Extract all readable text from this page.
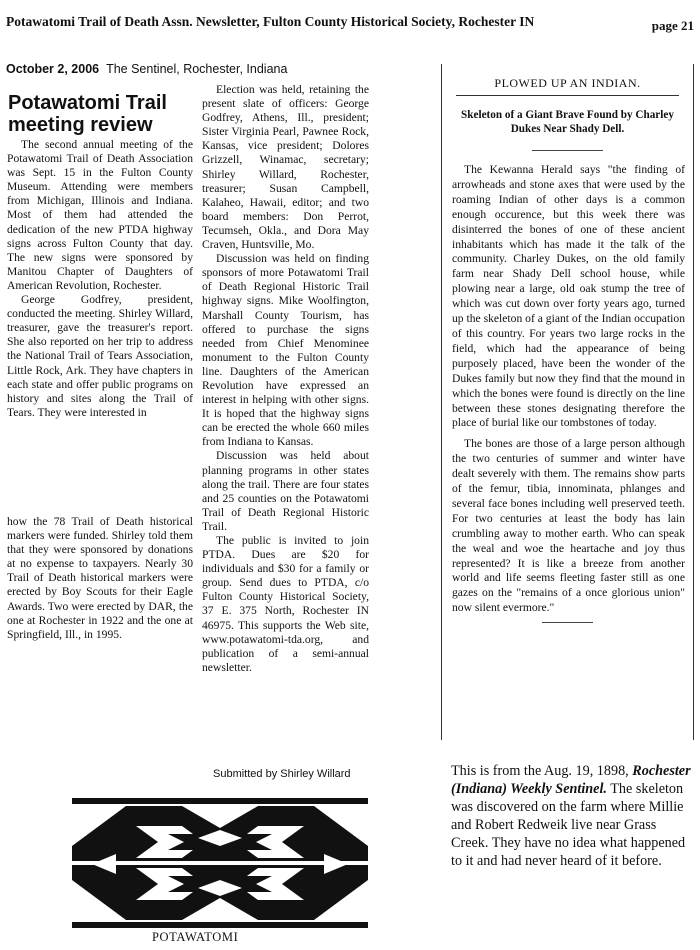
Potawatomi Trail of Death Assn. Newsletter, Fulton County Historical Society, Rochester IN	page 21
October 2, 2006 The Sentinel, Rochester, Indiana
Potawatomi Trail meeting review

The second annual meeting of the Potawatomi Trail of Death Association was Sept. 15 in the Fulton County Museum. Attending were members from Michigan, Illinois and Indiana. Most of them had attended the dedication of the new PTDA highway signs across Fulton County that day. The new signs were sponsored by Manitou Chapter of Daughters of American Revolution, Rochester.

George Godfrey, president, conducted the meeting. Shirley Willard, treasurer, gave the treasurer's report. She also reported on her trip to address the National Trail of Tears Association, Little Rock, Ark. They have chapters in each state and offer public programs on history and sites along the Trail of Tears. They were interested in

how the 78 Trail of Death historical markers were funded. Shirley told them that they were sponsored by donations at no expense to taxpayers. Nearly 30 Trail of Death historical markers were erected by Boy Scouts for their Eagle Awards. Two were erected by DAR, the one at Rochester in 1922 and the one at Springfield, Ill., in 1995.

Election was held, retaining the present slate of officers: George Godfrey, Athens, Ill., president; Sister Virginia Pearl, Pawnee Rock, Kansas, vice president; Dolores Grizzell, Winamac, secretary; Shirley Willard, Rochester, treasurer; Susan Campbell, Kalaheo, Hawaii, editor; and two board members: Don Perrot, Tecumseh, Okla., and Dora May Craven, Huntsville, Mo.

Discussion was held on finding sponsors of more Potawatomi Trail of Death Regional Historic Trail highway signs. Mike Woolfington, Marshall County Tourism, has offered to purchase the signs needed from Chief Menominee monument to the Fulton County line. Daughters of the American Revolution have expressed an interest in helping with other signs. It is hoped that the highway signs can be erected the whole 660 miles from Indiana to Kansas.

Discussion was held about planning programs in other states along the trail. There are four states and 25 counties on the Potawatomi Trail of Death Regional Historic Trail.

The public is invited to join PTDA. Dues are $20 for individuals and $30 for a family or group. Send dues to PTDA, c/o Fulton County Historical Society, 37 E. 375 North, Rochester IN 46975. This supports the Web site, www.potawatomi-tda.org, and publication of a semi-annual newsletter.

Submitted by Shirley Willard
PLOWED UP AN INDIAN.
Skeleton of a Giant Brave Found by Charley Dukes Near Shady Dell.

The Kewanna Herald says "the finding of arrowheads and stone axes that were used by the roaming Indian of other days is a common enough occurence, but this week there was disinterred the bones of one of these ancient inhabitants which has made it the talk of the community. Charley Dukes, on the old family farm near Shady Dell school house, while plowing near a large, old oak stump the tree of which was cut down over forty years ago, turned up the skeleton of a giant of the Indian occupation of this country. For years two large rocks in the field, which had the appearance of being purposely placed, have been the wonder of the Dukes family but now they find that the mound in which the bones were found is directly on the line between these stones designating therefore the place of burial like our tombstones of today.

The bones are those of a large person although the two centuries of summer and winter have dealt severely with them. The remains show parts of the femur, tibia, innominata, phlanges and several face bones including well preserved teeth. For two centuries at least the body has lain crumbling away to mother earth. Who can speak the weal and woe the heartache and joy thus represented? It is like a breeze from another world and life seems fleeting faster still as one gazes on the "remains of a once glorious union" now silent evermore."

This is from the Aug. 19, 1898, Rochester (Indiana) Weekly Sentinel. The skeleton was discovered on the farm where Millie and Robert Redweik live near Grass Creek. They have no idea what happened to it and had never heard of it before.
POTAWATOMI
